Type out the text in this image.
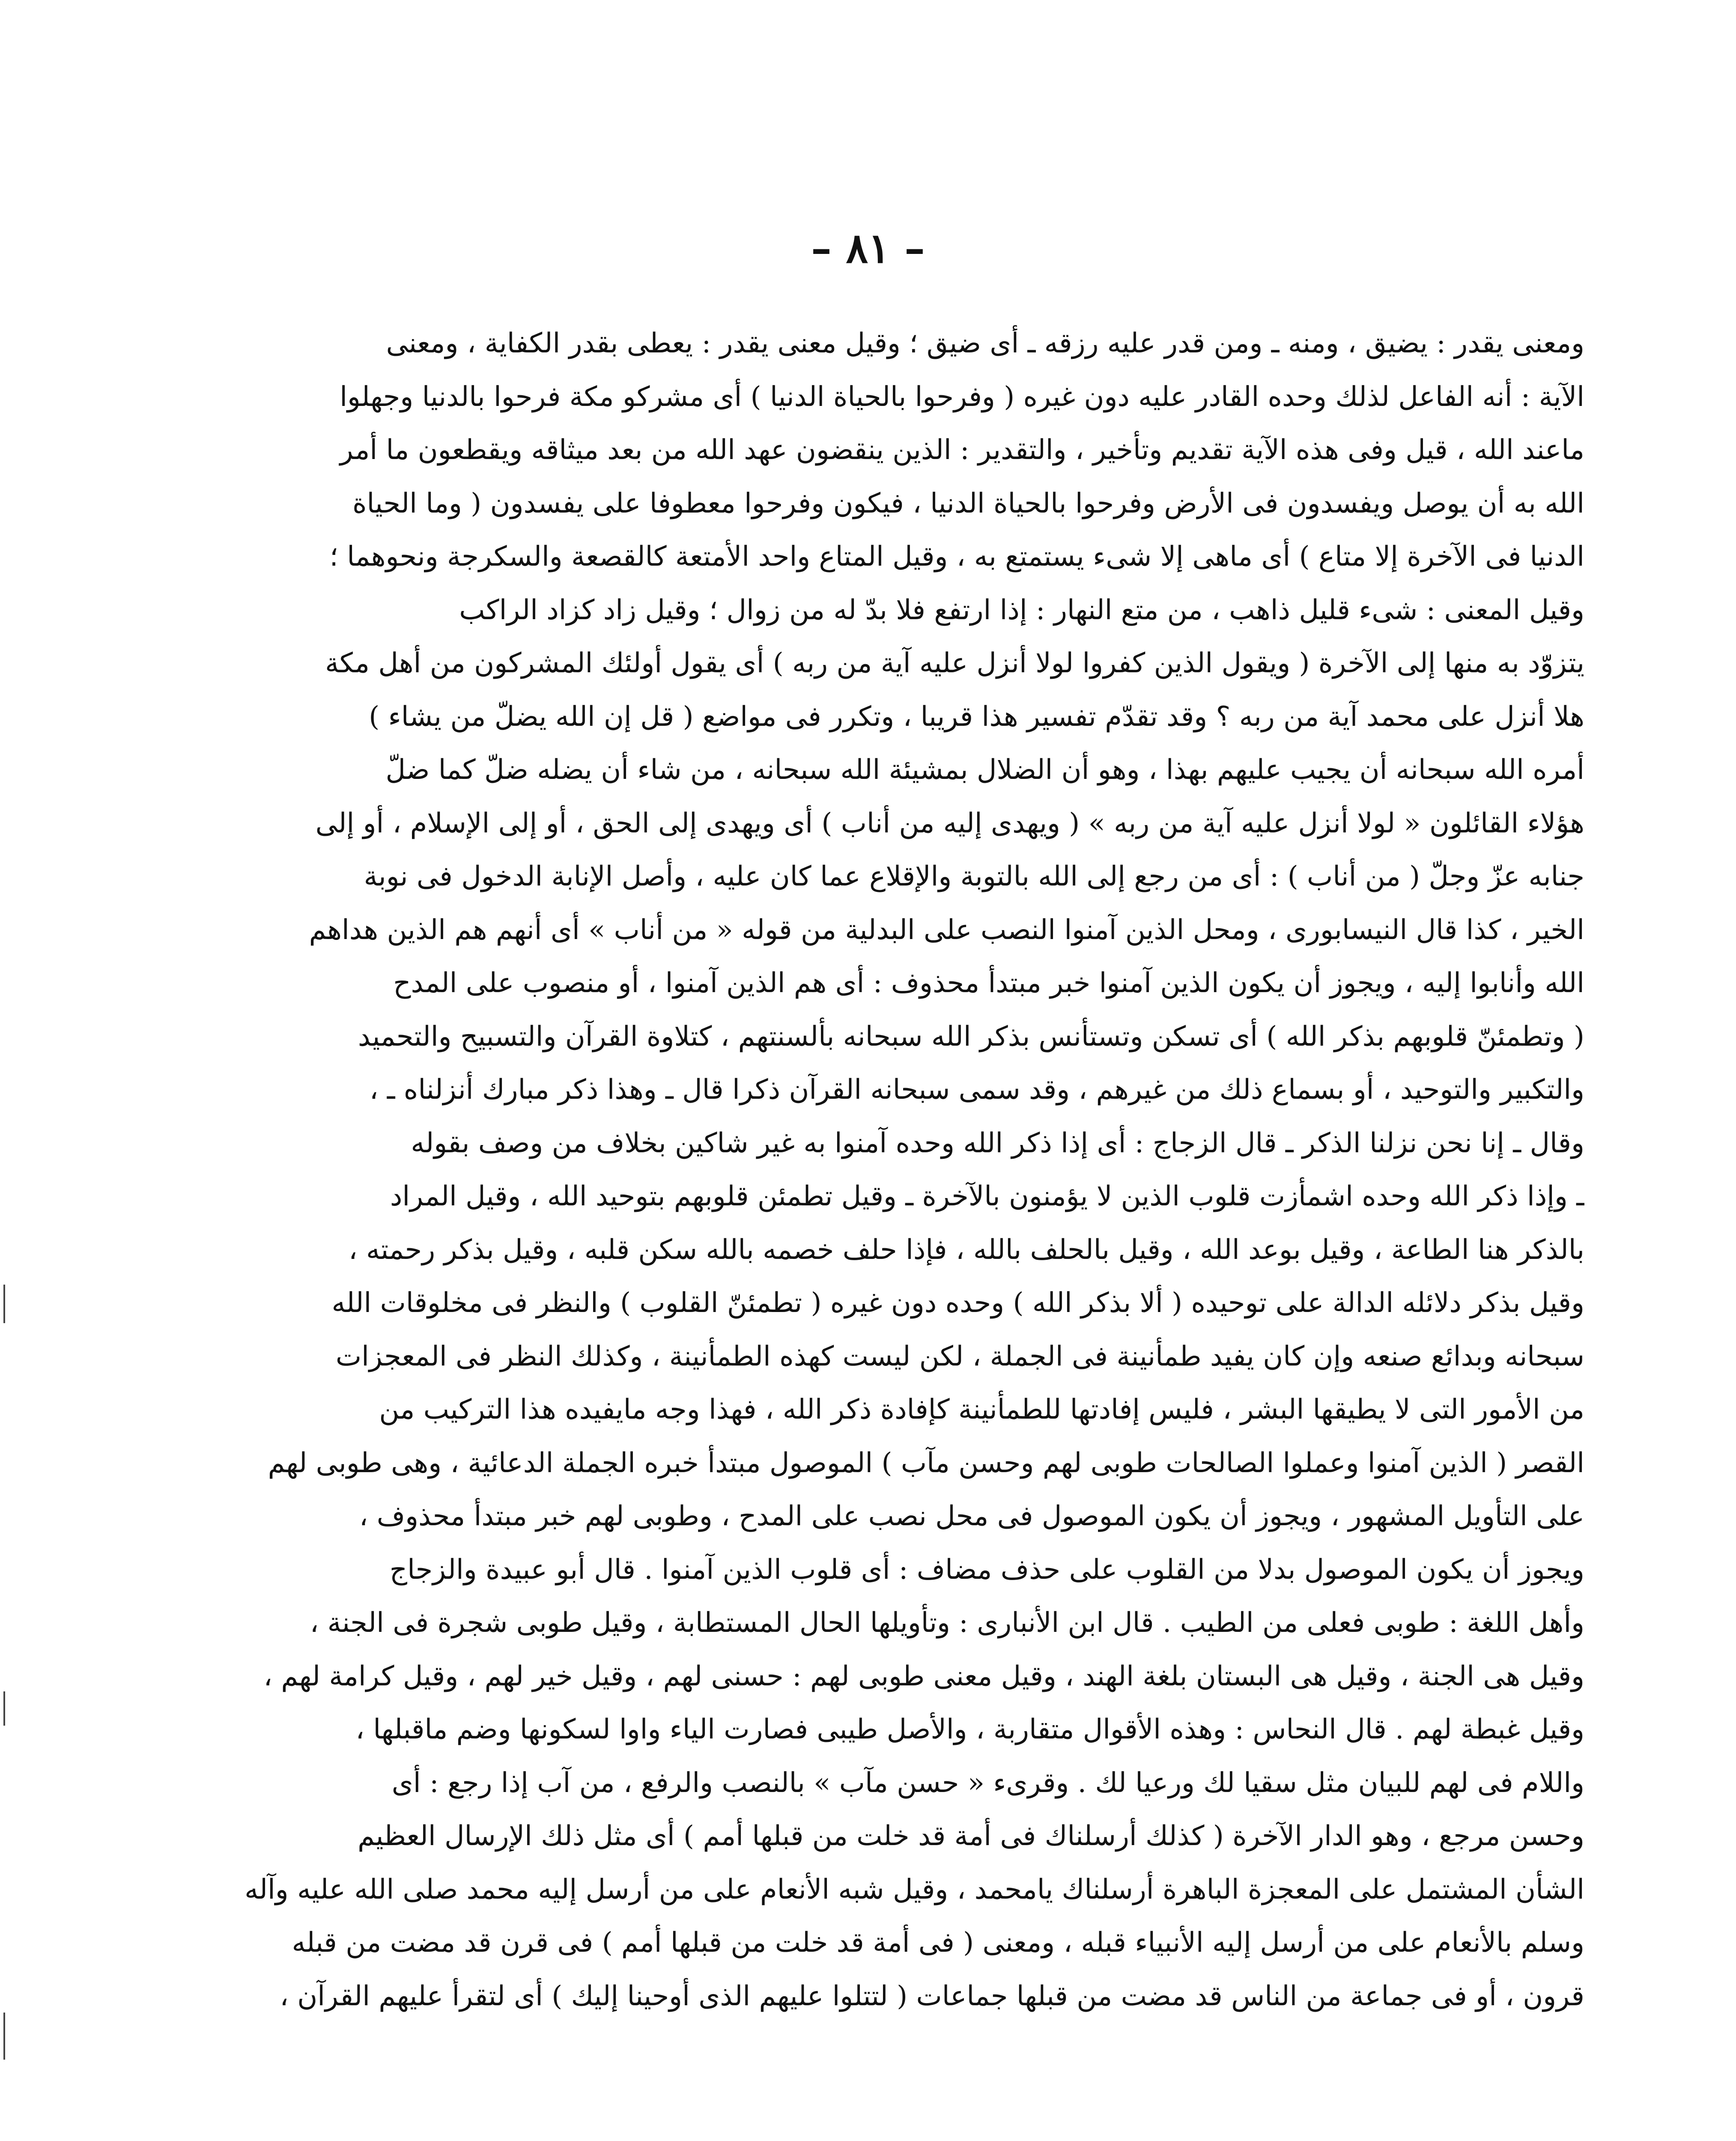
– ٨١ –
ومعنى يقدر : يضيق ، ومنه ـ ومن قدر عليه رزقه ـ أى ضيق ؛ وقيل معنى يقدر : يعطى بقدر الكفاية ، ومعنى
الآية : أنه الفاعل لذلك وحده القادر عليه دون غيره ( وفرحوا بالحياة الدنيا ) أى مشركو مكة فرحوا بالدنيا وجهلوا
ماعند الله ، قيل وفى هذه الآية تقديم وتأخير ، والتقدير : الذين ينقضون عهد الله من بعد ميثاقه ويقطعون ما أمر
الله به أن يوصل ويفسدون فى الأرض وفرحوا بالحياة الدنيا ، فيكون وفرحوا معطوفا على يفسدون ( وما الحياة
الدنيا فى الآخرة إلا متاع ) أى ماهى إلا شىء يستمتع به ، وقيل المتاع واحد الأمتعة كالقصعة والسكرجة ونحوهما ؛
وقيل المعنى : شىء قليل ذاهب ، من متع النهار : إذا ارتفع فلا بدّ له من زوال ؛ وقيل زاد كزاد الراكب
يتزوّد به منها إلى الآخرة ( ويقول الذين كفروا لولا أنزل عليه آية من ربه ) أى يقول أولئك المشركون من أهل مكة
هلا أنزل على محمد آية من ربه ؟ وقد تقدّم تفسير هذا قريبا ، وتكرر فى مواضع ( قل إن الله يضلّ من يشاء )
أمره الله سبحانه أن يجيب عليهم بهذا ، وهو أن الضلال بمشيئة الله سبحانه ، من شاء أن يضله ضلّ كما ضلّ
هؤلاء القائلون « لولا أنزل عليه آية من ربه » ( ويهدى إليه من أناب ) أى ويهدى إلى الحق ، أو إلى الإسلام ، أو إلى
جنابه عزّ وجلّ ( من أناب ) : أى من رجع إلى الله بالتوبة والإقلاع عما كان عليه ، وأصل الإنابة الدخول فى نوبة
الخير ، كذا قال النيسابورى ، ومحل الذين آمنوا النصب على البدلية من قوله « من أناب » أى أنهم هم الذين هداهم
الله وأنابوا إليه ، ويجوز أن يكون الذين آمنوا خبر مبتدأ محذوف : أى هم الذين آمنوا ، أو منصوب على المدح
( وتطمئنّ قلوبهم بذكر الله ) أى تسكن وتستأنس بذكر الله سبحانه بألسنتهم ، كتلاوة القرآن والتسبيح والتحميد
والتكبير والتوحيد ، أو بسماع ذلك من غيرهم ، وقد سمى سبحانه القرآن ذكرا قال ـ وهذا ذكر مبارك أنزلناه ـ ،
وقال ـ إنا نحن نزلنا الذكر ـ قال الزجاج : أى إذا ذكر الله وحده آمنوا به غير شاكين بخلاف من وصف بقوله
ـ وإذا ذكر الله وحده اشمأزت قلوب الذين لا يؤمنون بالآخرة ـ وقيل تطمئن قلوبهم بتوحيد الله ، وقيل المراد
بالذكر هنا الطاعة ، وقيل بوعد الله ، وقيل بالحلف بالله ، فإذا حلف خصمه بالله سكن قلبه ، وقيل بذكر رحمته ،
وقيل بذكر دلائله الدالة على توحيده ( ألا بذكر الله ) وحده دون غيره ( تطمئنّ القلوب ) والنظر فى مخلوقات الله
سبحانه وبدائع صنعه وإن كان يفيد طمأنينة فى الجملة ، لكن ليست كهذه الطمأنينة ، وكذلك النظر فى المعجزات
من الأمور التى لا يطيقها البشر ، فليس إفادتها للطمأنينة كإفادة ذكر الله ، فهذا وجه مايفيده هذا التركيب من
القصر ( الذين آمنوا وعملوا الصالحات طوبى لهم وحسن مآب ) الموصول مبتدأ خبره الجملة الدعائية ، وهى طوبى لهم
على التأويل المشهور ، ويجوز أن يكون الموصول فى محل نصب على المدح ، وطوبى لهم خبر مبتدأ محذوف ،
ويجوز أن يكون الموصول بدلا من القلوب على حذف مضاف : أى قلوب الذين آمنوا . قال أبو عبيدة والزجاج
وأهل اللغة : طوبى فعلى من الطيب . قال ابن الأنبارى : وتأويلها الحال المستطابة ، وقيل طوبى شجرة فى الجنة ،
وقيل هى الجنة ، وقيل هى البستان بلغة الهند ، وقيل معنى طوبى لهم : حسنى لهم ، وقيل خير لهم ، وقيل كرامة لهم ،
وقيل غبطة لهم . قال النحاس : وهذه الأقوال متقاربة ، والأصل طيبى فصارت الياء واوا لسكونها وضم ماقبلها ،
واللام فى لهم للبيان مثل سقيا لك ورعيا لك . وقرىء « حسن مآب » بالنصب والرفع ، من آب إذا رجع : أى
وحسن مرجع ، وهو الدار الآخرة ( كذلك أرسلناك فى أمة قد خلت من قبلها أمم ) أى مثل ذلك الإرسال العظيم
الشأن المشتمل على المعجزة الباهرة أرسلناك يامحمد ، وقيل شبه الأنعام على من أرسل إليه محمد صلى الله عليه وآله
وسلم بالأنعام على من أرسل إليه الأنبياء قبله ، ومعنى ( فى أمة قد خلت من قبلها أمم ) فى قرن قد مضت من قبله
قرون ، أو فى جماعة من الناس قد مضت من قبلها جماعات ( لتتلوا عليهم الذى أوحينا إليك ) أى لتقرأ عليهم القرآن ،
